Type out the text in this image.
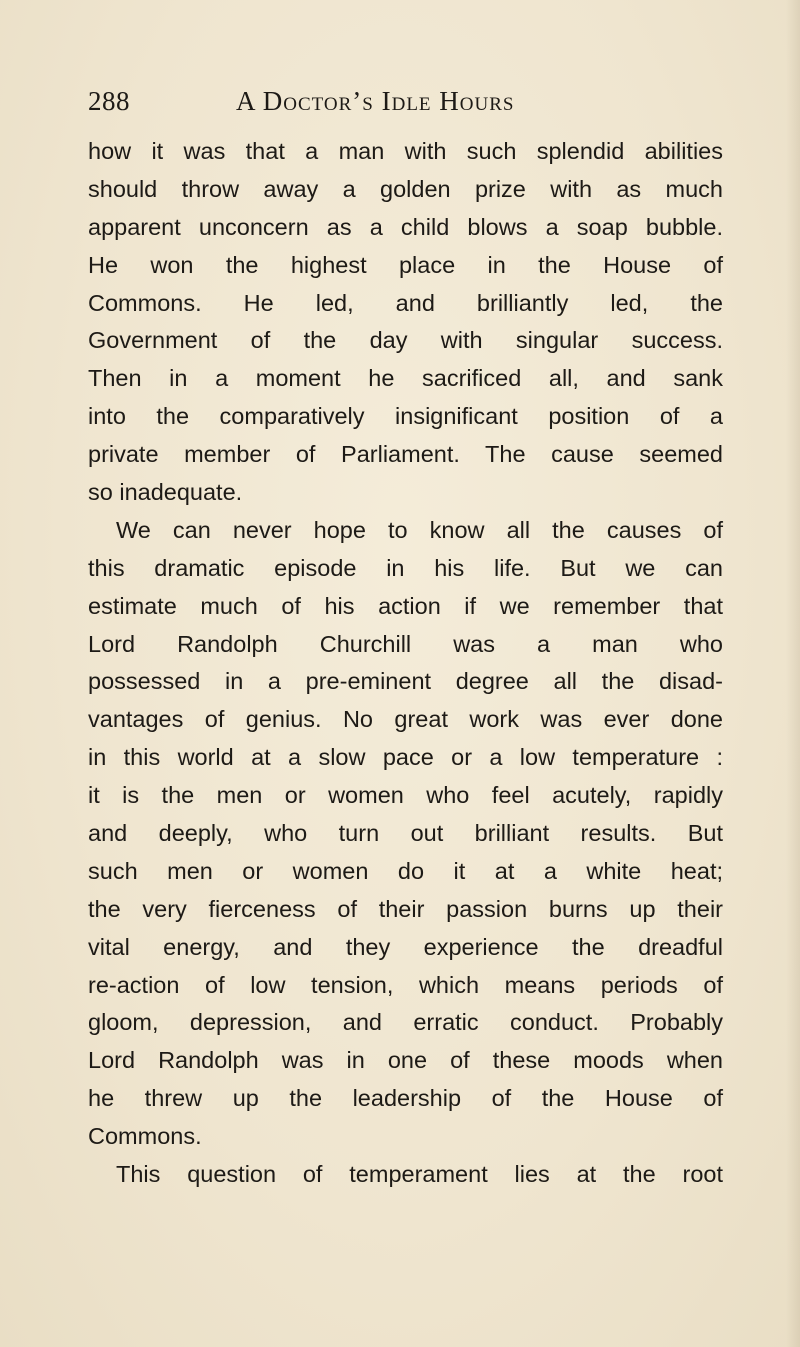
288	A Doctor’s Idle Hours
how it was that a man with such splendid abilities
should throw away a golden prize with as much
apparent unconcern as a child blows a soap bubble.
He won the highest place in the House of
Commons. He led, and brilliantly led, the
Government of the day with singular success.
Then in a moment he sacrificed all, and sank
into the comparatively insignificant position of a
private member of Parliament. The cause seemed
so inadequate.
We can never hope to know all the causes of
this dramatic episode in his life. But we can
estimate much of his action if we remember that
Lord Randolph Churchill was a man who
possessed in a pre-eminent degree all the disad-
vantages of genius. No great work was ever done
in this world at a slow pace or a low temperature :
it is the men or women who feel acutely, rapidly
and deeply, who turn out brilliant results. But
such men or women do it at a white heat;
the very fierceness of their passion burns up their
vital energy, and they experience the dreadful
re-action of low tension, which means periods of
gloom, depression, and erratic conduct. Probably
Lord Randolph was in one of these moods when
he threw up the leadership of the House of
Commons.
This question of temperament lies at the root
